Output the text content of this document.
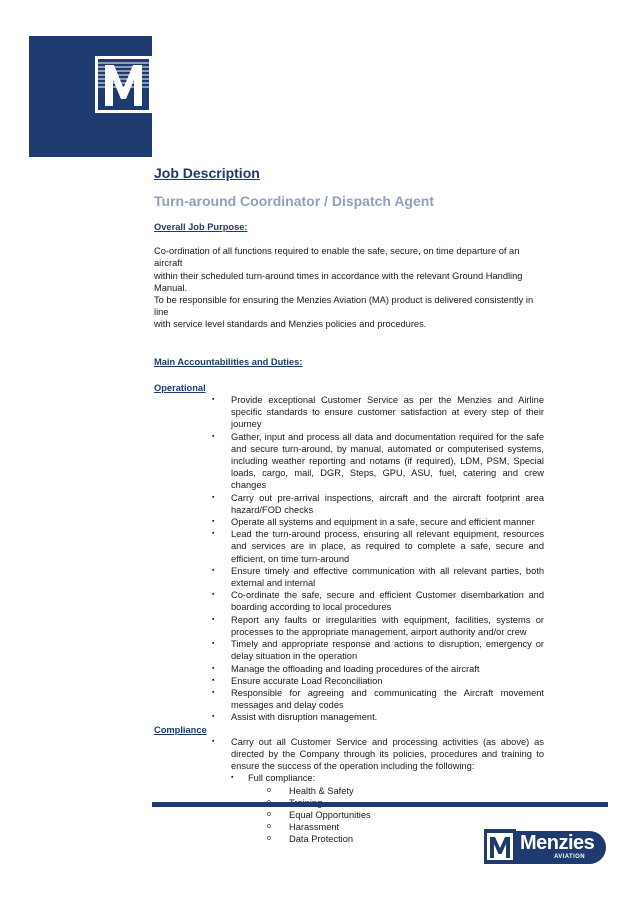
Job Description
Turn-around Coordinator / Dispatch Agent

Overall Job Purpose:

Co-ordination of all functions required to enable the safe, secure, on time departure of an aircraft
within their scheduled turn-around times in accordance with the relevant Ground Handling Manual.
To be responsible for ensuring the Menzies Aviation (MA) product is delivered consistently in line
with service level standards and Menzies policies and procedures.

Main Accountabilities and Duties:

Operational

▪ Provide exceptional Customer Service as per the Menzies and Airline specific standards to ensure customer satisfaction at every step of their journey
▪ Gather, input and process all data and documentation required for the safe and secure turn-around, by manual, automated or computerised systems, including weather reporting and notams (if required), LDM, PSM, Special loads, cargo, mail, DGR, Steps, GPU, ASU, fuel, catering and crew changes
▪ Carry out pre-arrival inspections, aircraft and the aircraft footprint area hazard/FOD checks
▪ Operate all systems and equipment in a safe, secure and efficient manner
▪ Lead the turn-around process, ensuring all relevant equipment, resources and services are in place, as required to complete a safe, secure and efficient, on time turn-around
▪ Ensure timely and effective communication with all relevant parties, both external and internal
▪ Co-ordinate the safe, secure and efficient Customer disembarkation and boarding according to local procedures
▪ Report any faults or irregularities with equipment, facilities, systems or processes to the appropriate management, airport authority and/or crew
▪ Timely and appropriate response and actions to disruption, emergency or delay situation in the operation
▪ Manage the offloading and loading procedures of the aircraft
▪ Ensure accurate Load Reconciliation
▪ Responsible for agreeing and communicating the Aircraft movement messages and delay codes
▪ Assist with disruption management.

Compliance

▪ Carry out all Customer Service and processing activities (as above) as directed by the Company through its policies, procedures and training to ensure the success of the operation including the following:
▪ Full compliance:
o Health & Safety
o Equal Opportunities
o Harassment
o Data Protection	Menzies
AVIATION
